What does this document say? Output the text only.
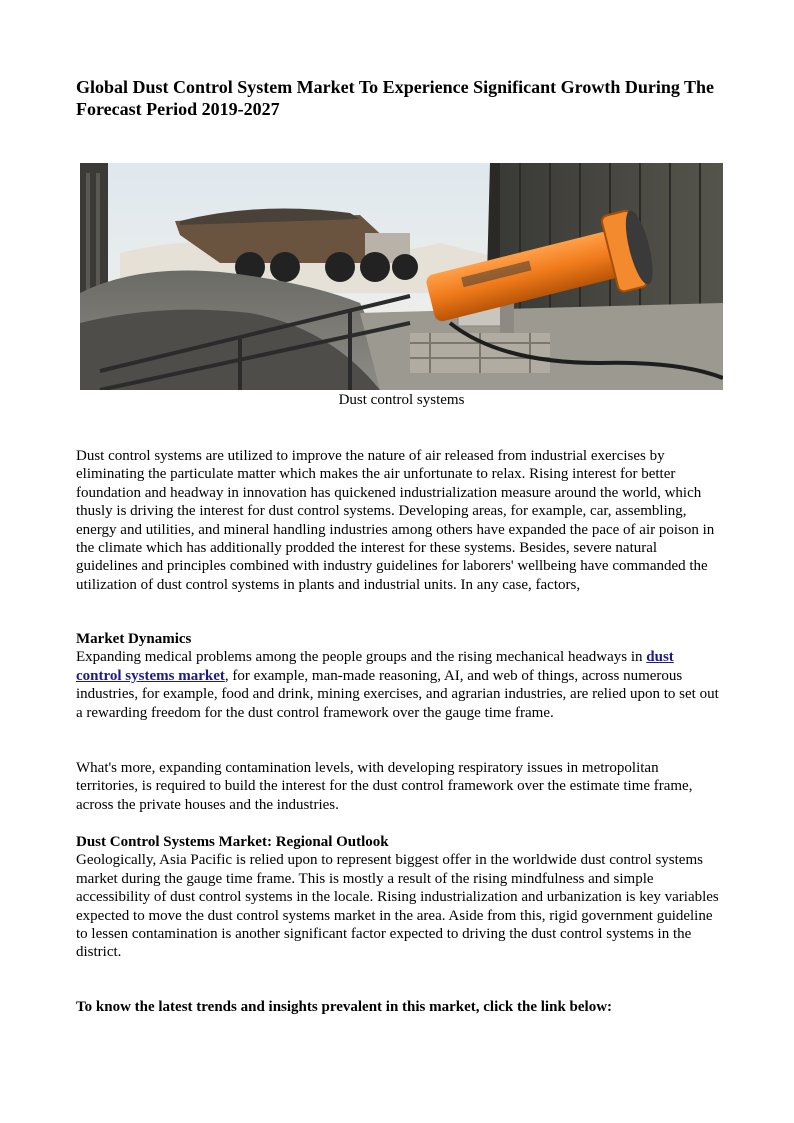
Global Dust Control System Market To Experience Significant Growth During The Forecast Period 2019-2027
Dust control systems

Dust control systems are utilized to improve the nature of air released from industrial exercises by eliminating the particulate matter which makes the air unfortunate to relax. Rising interest for better foundation and headway in innovation has quickened industrialization measure around the world, which thusly is driving the interest for dust control systems. Developing areas, for example, car, assembling, energy and utilities, and mineral handling industries among others have expanded the pace of air poison in the climate which has additionally prodded the interest for these systems. Besides, severe natural guidelines and principles combined with industry guidelines for laborers' wellbeing have commanded the utilization of dust control systems in plants and industrial units. In any case, factors,

Market Dynamics
Expanding medical problems among the people groups and the rising mechanical headways in dust control systems market, for example, man-made reasoning, AI, and web of things, across numerous industries, for example, food and drink, mining exercises, and agrarian industries, are relied upon to set out a rewarding freedom for the dust control framework over the gauge time frame.

What's more, expanding contamination levels, with developing respiratory issues in metropolitan territories, is required to build the interest for the dust control framework over the estimate time frame, across the private houses and the industries.

Dust Control Systems Market: Regional Outlook
Geologically, Asia Pacific is relied upon to represent biggest offer in the worldwide dust control systems market during the gauge time frame. This is mostly a result of the rising mindfulness and simple accessibility of dust control systems in the locale. Rising industrialization and urbanization is key variables expected to move the dust control systems market in the area. Aside from this, rigid government guideline to lessen contamination is another significant factor expected to driving the dust control systems in the district.

To know the latest trends and insights prevalent in this market, click the link below:
